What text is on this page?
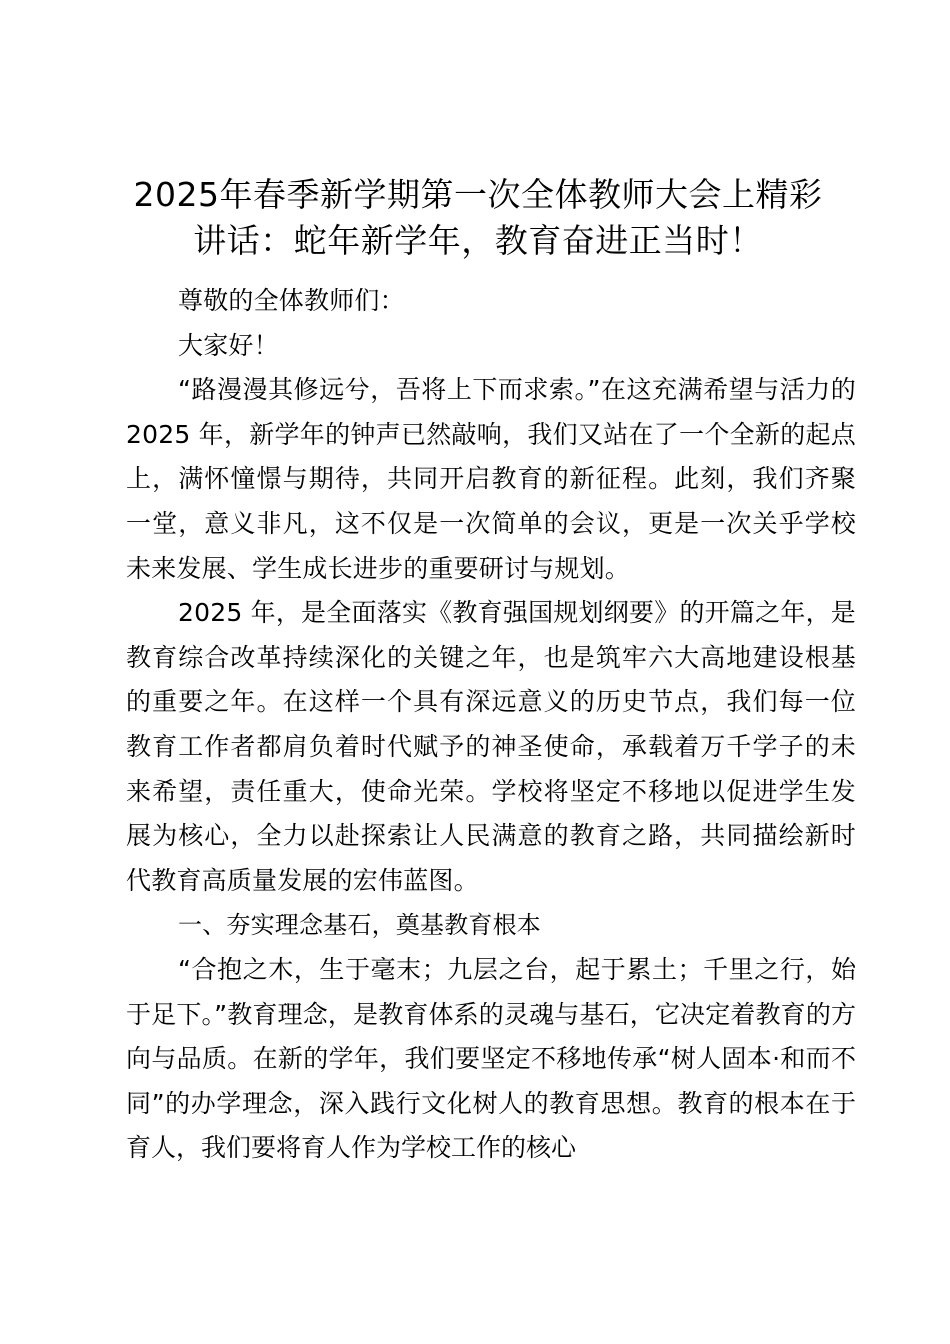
2025年春季新学期第一次全体教师大会上精彩讲话：蛇年新学年，教育奋进正当时！

尊敬的全体教师们：

大家好！

“路漫漫其修远兮，吾将上下而求索。”在这充满希望与活力的 2025 年，新学年的钟声已然敲响，我们又站在了一个全新的起点上，满怀憧憬与期待，共同开启教育的新征程。此刻，我们齐聚一堂，意义非凡，这不仅是一次简单的会议，更是一次关乎学校未来发展、学生成长进步的重要研讨与规划。

2025 年，是全面落实《教育强国规划纲要》的开篇之年，是教育综合改革持续深化的关键之年，也是筑牢六大高地建设根基的重要之年。在这样一个具有深远意义的历史节点，我们每一位教育工作者都肩负着时代赋予的神圣使命，承载着万千学子的未来希望，责任重大，使命光荣。学校将坚定不移地以促进学生发展为核心，全力以赴探索让人民满意的教育之路，共同描绘新时代教育高质量发展的宏伟蓝图。

一、夯实理念基石，奠基教育根本

“合抱之木，生于毫末；九层之台，起于累土；千里之行，始于足下。”教育理念，是教育体系的灵魂与基石，它决定着教育的方向与品质。在新的学年，我们要坚定不移地传承“树人固本·和而不同”的办学理念，深入践行文化树人的教育思想。教育的根本在于育人，我们要将育人作为学校工作的核心
